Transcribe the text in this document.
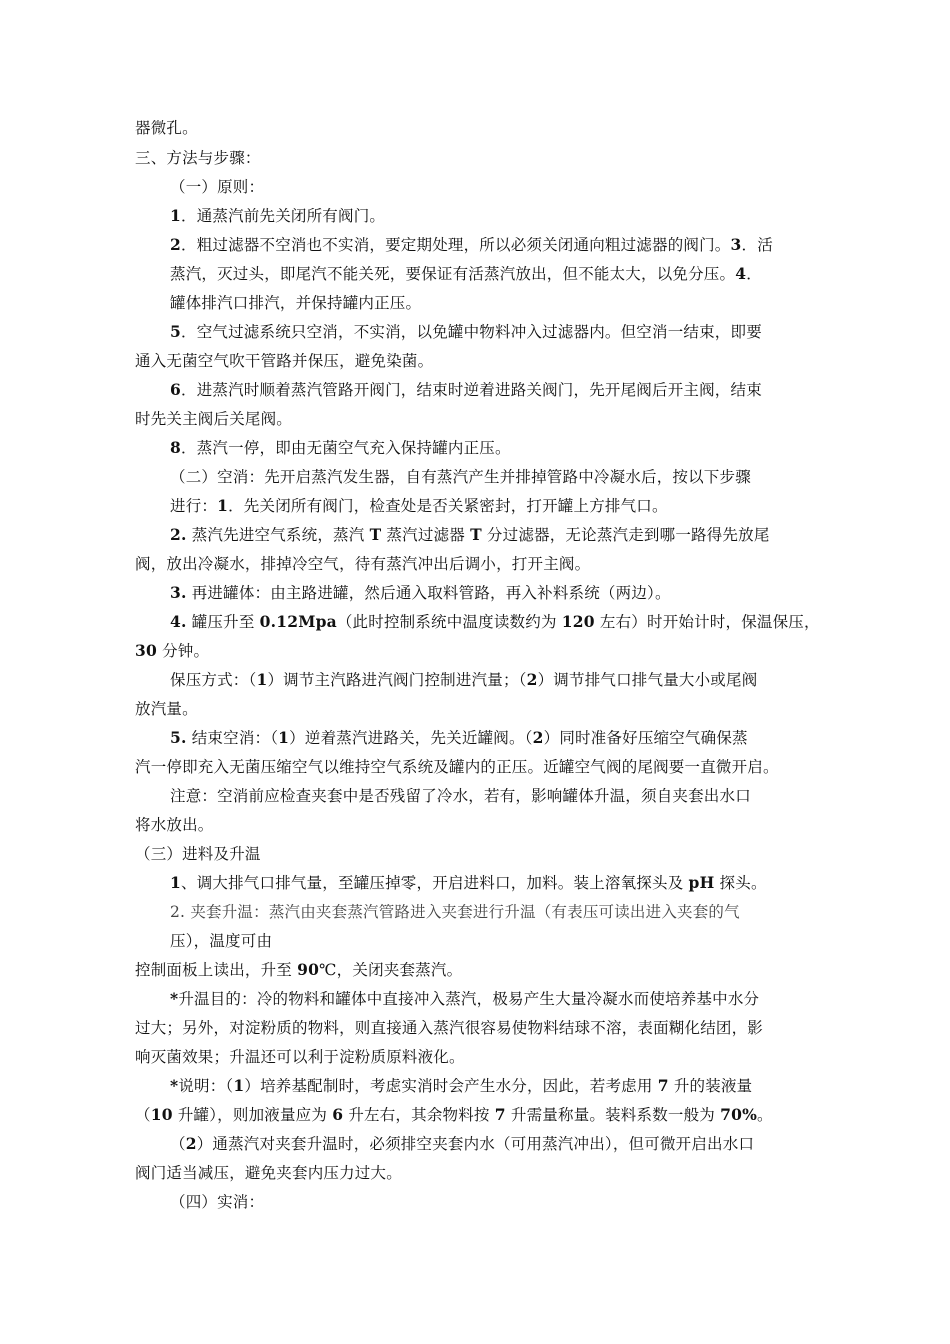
器微孔。
三、方法与步骤：
（一）原则：
1．通蒸汽前先关闭所有阀门。
2．粗过滤器不空消也不实消，要定期处理，所以必须关闭通向粗过滤器的阀门。3．活
蒸汽，灭过头，即尾汽不能关死，要保证有活蒸汽放出，但不能太大，以免分压。4．
罐体排汽口排汽，并保持罐内正压。
5．空气过滤系统只空消，不实消，以免罐中物料冲入过滤器内。但空消一结束，即要
通入无菌空气吹干管路并保压，避免染菌。
6．进蒸汽时顺着蒸汽管路开阀门，结束时逆着进路关阀门，先开尾阀后开主阀，结束
时先关主阀后关尾阀。
8．蒸汽一停，即由无菌空气充入保持罐内正压。
（二）空消：先开启蒸汽发生器，自有蒸汽产生并排掉管路中冷凝水后，按以下步骤
进行：1．先关闭所有阀门，检查处是否关紧密封，打开罐上方排气口。
2. 蒸汽先进空气系统，蒸汽 T 蒸汽过滤器 T 分过滤器，无论蒸汽走到哪一路得先放尾
阀，放出冷凝水，排掉冷空气，待有蒸汽冲出后调小，打开主阀。
3. 再进罐体：由主路进罐，然后通入取料管路，再入补料系统（两边）。
4. 罐压升至 0.12Mpa（此时控制系统中温度读数约为 120 左右）时开始计时，保温保压，
30 分钟。
保压方式：（1）调节主汽路进汽阀门控制进汽量；（2）调节排气口排气量大小或尾阀
放汽量。
5. 结束空消：（1）逆着蒸汽进路关，先关近罐阀。（2）同时准备好压缩空气确保蒸
汽一停即充入无菌压缩空气以维持空气系统及罐内的正压。近罐空气阀的尾阀要一直微开启。
注意：空消前应检查夹套中是否残留了冷水，若有，影响罐体升温，须自夹套出水口
将水放出。
（三）进料及升温
1、调大排气口排气量，至罐压掉零，开启进料口，加料。装上溶氧探头及 pH 探头。
2. 夹套升温：蒸汽由夹套蒸汽管路进入夹套进行升温（有表压可读出进入夹套的气
压），温度可由
控制面板上读出，升至 90℃，关闭夹套蒸汽。
*升温目的：冷的物料和罐体中直接冲入蒸汽，极易产生大量冷凝水而使培养基中水分
过大；另外，对淀粉质的物料，则直接通入蒸汽很容易使物料结球不溶，表面糊化结团，影
响灭菌效果；升温还可以利于淀粉质原料液化。
*说明：（1）培养基配制时，考虑实消时会产生水分，因此，若考虑用 7 升的装液量
（10 升罐），则加液量应为 6 升左右，其余物料按 7 升需量称量。装料系数一般为 70%。
（2）通蒸汽对夹套升温时，必须排空夹套内水（可用蒸汽冲出），但可微开启出水口
阀门适当减压，避免夹套内压力过大。
（四）实消：
